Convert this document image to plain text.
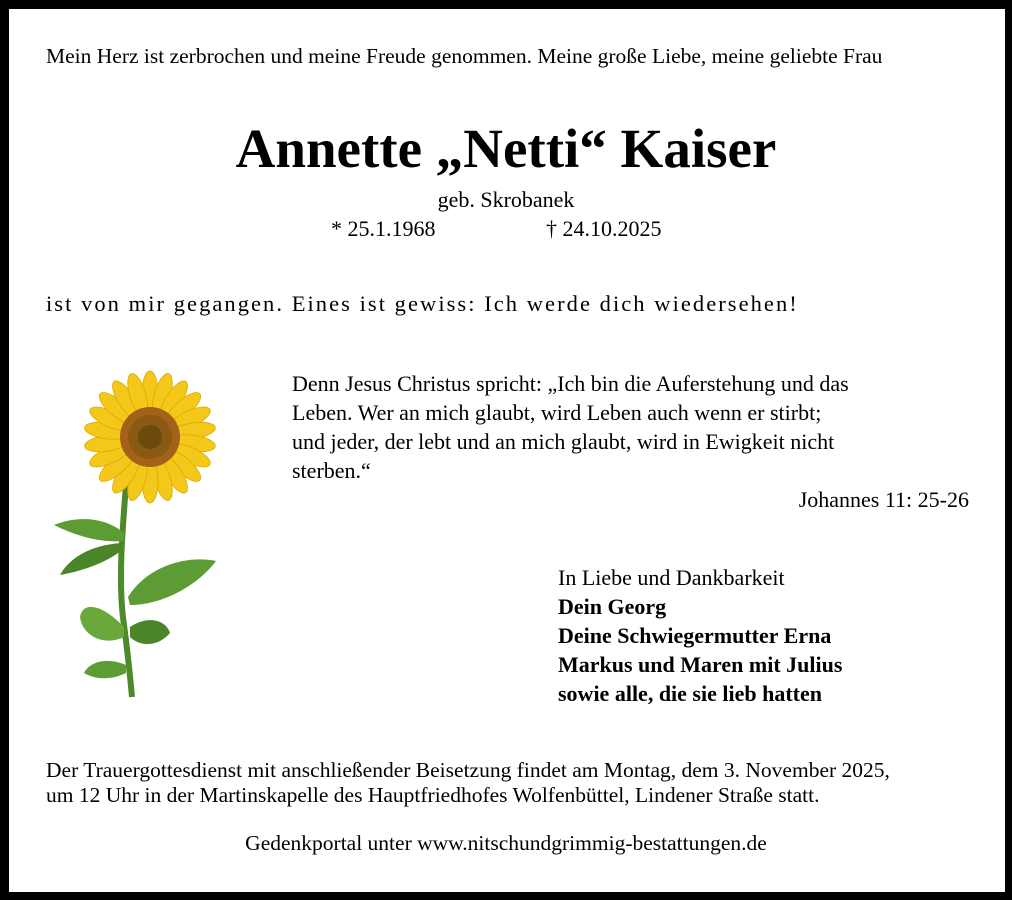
Mein Herz ist zerbrochen und meine Freude genommen. Meine große Liebe, meine geliebte Frau
Annette „Netti“ Kaiser
geb. Skrobanek
* 25.1.1968	† 24.10.2025
ist von mir gegangen. Eines ist gewiss: Ich werde dich wiedersehen!
Denn Jesus Christus spricht: „Ich bin die Auferstehung und das
Leben. Wer an mich glaubt, wird Leben auch wenn er stirbt;
und jeder, der lebt und an mich glaubt, wird in Ewigkeit nicht
sterben.“
Johannes 11: 25-26
In Liebe und Dankbarkeit
Dein Georg
Deine Schwiegermutter Erna
Markus und Maren mit Julius
sowie alle, die sie lieb hatten
Der Trauergottesdienst mit anschließender Beisetzung findet am Montag, dem 3. November 2025,
um 12 Uhr in der Martinskapelle des Hauptfriedhofes Wolfenbüttel, Lindener Straße statt.
Gedenkportal unter www.nitschundgrimmig-bestattungen.de
